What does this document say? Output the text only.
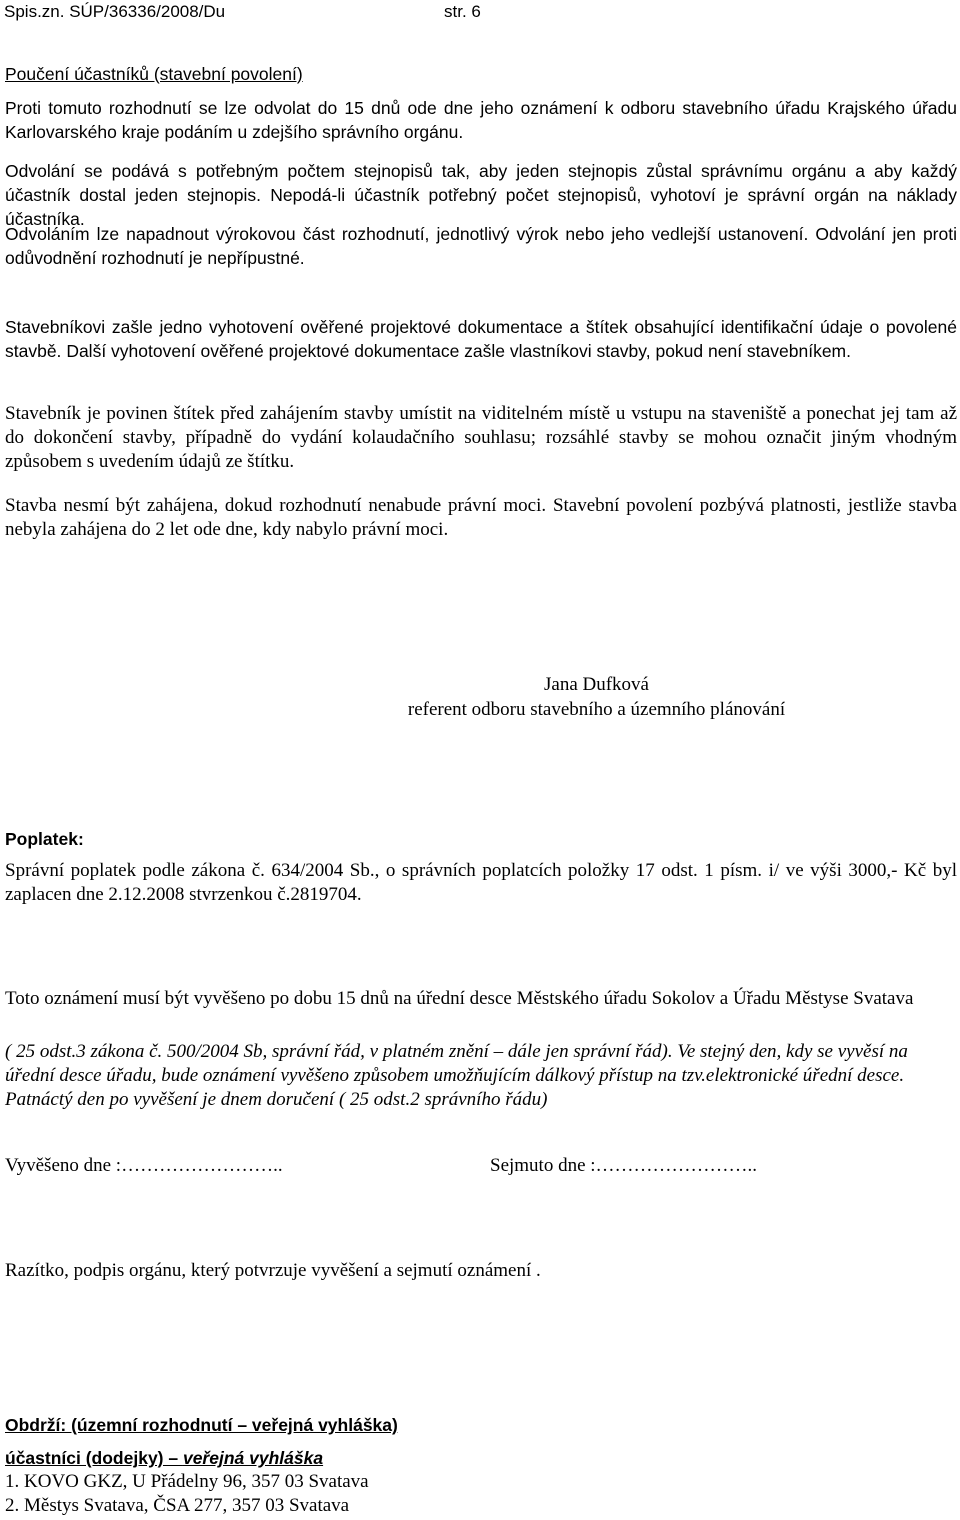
Spis.zn. SÚP/36336/2008/Du	str. 6
Poučení účastníků (stavební povolení)
Proti tomuto rozhodnutí se lze odvolat do 15 dnů ode dne jeho oznámení k odboru stavebního úřadu Krajského úřadu Karlovarského kraje podáním u zdejšího správního orgánu.
Odvolání se podává s potřebným počtem stejnopisů tak, aby jeden stejnopis zůstal správnímu orgánu a aby každý účastník dostal jeden stejnopis. Nepodá-li účastník potřebný počet stejnopisů, vyhotoví je správní orgán na náklady účastníka.
Odvoláním lze napadnout výrokovou část rozhodnutí, jednotlivý výrok nebo jeho vedlejší ustanovení. Odvolání jen proti odůvodnění rozhodnutí je nepřípustné.
Stavebníkovi zašle jedno vyhotovení ověřené projektové dokumentace a štítek obsahující identifikační údaje o povolené stavbě. Další vyhotovení ověřené projektové dokumentace zašle vlastníkovi stavby, pokud není stavebníkem.
Stavebník je povinen štítek před zahájením stavby umístit na viditelném místě u vstupu na staveniště a ponechat jej tam až do dokončení stavby, případně do vydání kolaudačního souhlasu; rozsáhlé stavby se mohou označit jiným vhodným způsobem s uvedením údajů ze štítku.
Stavba nesmí být zahájena, dokud rozhodnutí nenabude právní moci. Stavební povolení pozbývá platnosti, jestliže stavba nebyla zahájena do 2 let ode dne, kdy nabylo právní moci.
Jana Dufková
referent odboru stavebního a územního plánování
Poplatek:
Správní poplatek podle zákona č. 634/2004 Sb., o správních poplatcích položky 17 odst. 1 písm. i/ ve výši 3000,- Kč byl zaplacen dne 2.12.2008 stvrzenkou č.2819704.
Toto oznámení musí být vyvěšeno po dobu 15 dnů na úřední desce Městského úřadu Sokolov a Úřadu Městyse Svatava
( 25 odst.3 zákona č. 500/2004 Sb, správní řád, v platném znění – dále jen správní řád). Ve stejný den, kdy se vyvěsí na úřední desce úřadu, bude oznámení vyvěšeno způsobem umožňujícím dálkový přístup na tzv.elektronické úřední desce. Patnáctý den po vyvěšení je dnem doručení ( 25 odst.2 správního řádu)
Vyvěšeno dne :……………………..	Sejmuto dne :……………………..
Razítko, podpis orgánu, který potvrzuje vyvěšení a sejmutí oznámení .
Obdrží: (územní rozhodnutí – veřejná vyhláška)
účastníci (dodejky) – veřejná vyhláška
1. KOVO GKZ, U Přádelny 96, 357 03 Svatava
2. Městys Svatava, ČSA 277, 357 03 Svatava
